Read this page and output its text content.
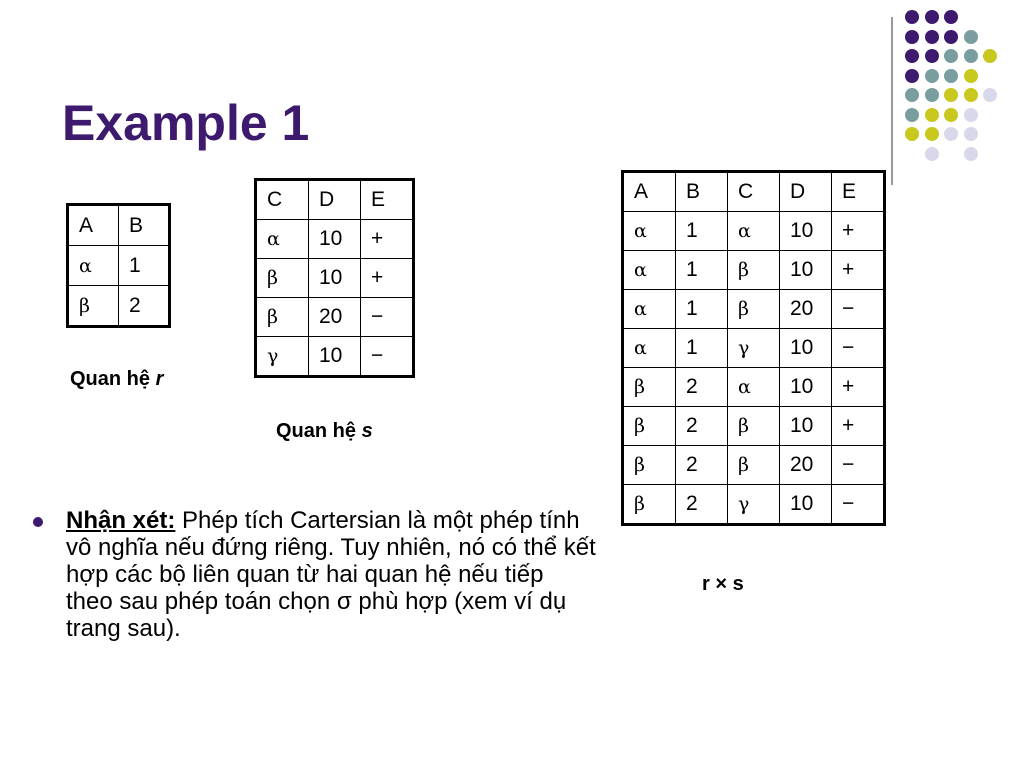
Example 1
A	B
α	1
β	2
Quan hệ r
C	D	E
α	10	+
β	10	+
β	20	−
γ	10	−
Quan hệ s
A	B	C	D	E
α	1	α	10	+
α	1	β	10	+
α	1	β	20	−
α	1	γ	10	−
β	2	α	10	+
β	2	β	10	+
β	2	β	20	−
β	2	γ	10	−
r × s

Nhận xét: Phép tích Cartersian là một phép tính vô nghĩa nếu đứng riêng. Tuy nhiên, nó có thể kết hợp các bộ liên quan từ hai quan hệ nếu tiếp theo sau phép toán chọn σ phù hợp (xem ví dụ trang sau).
